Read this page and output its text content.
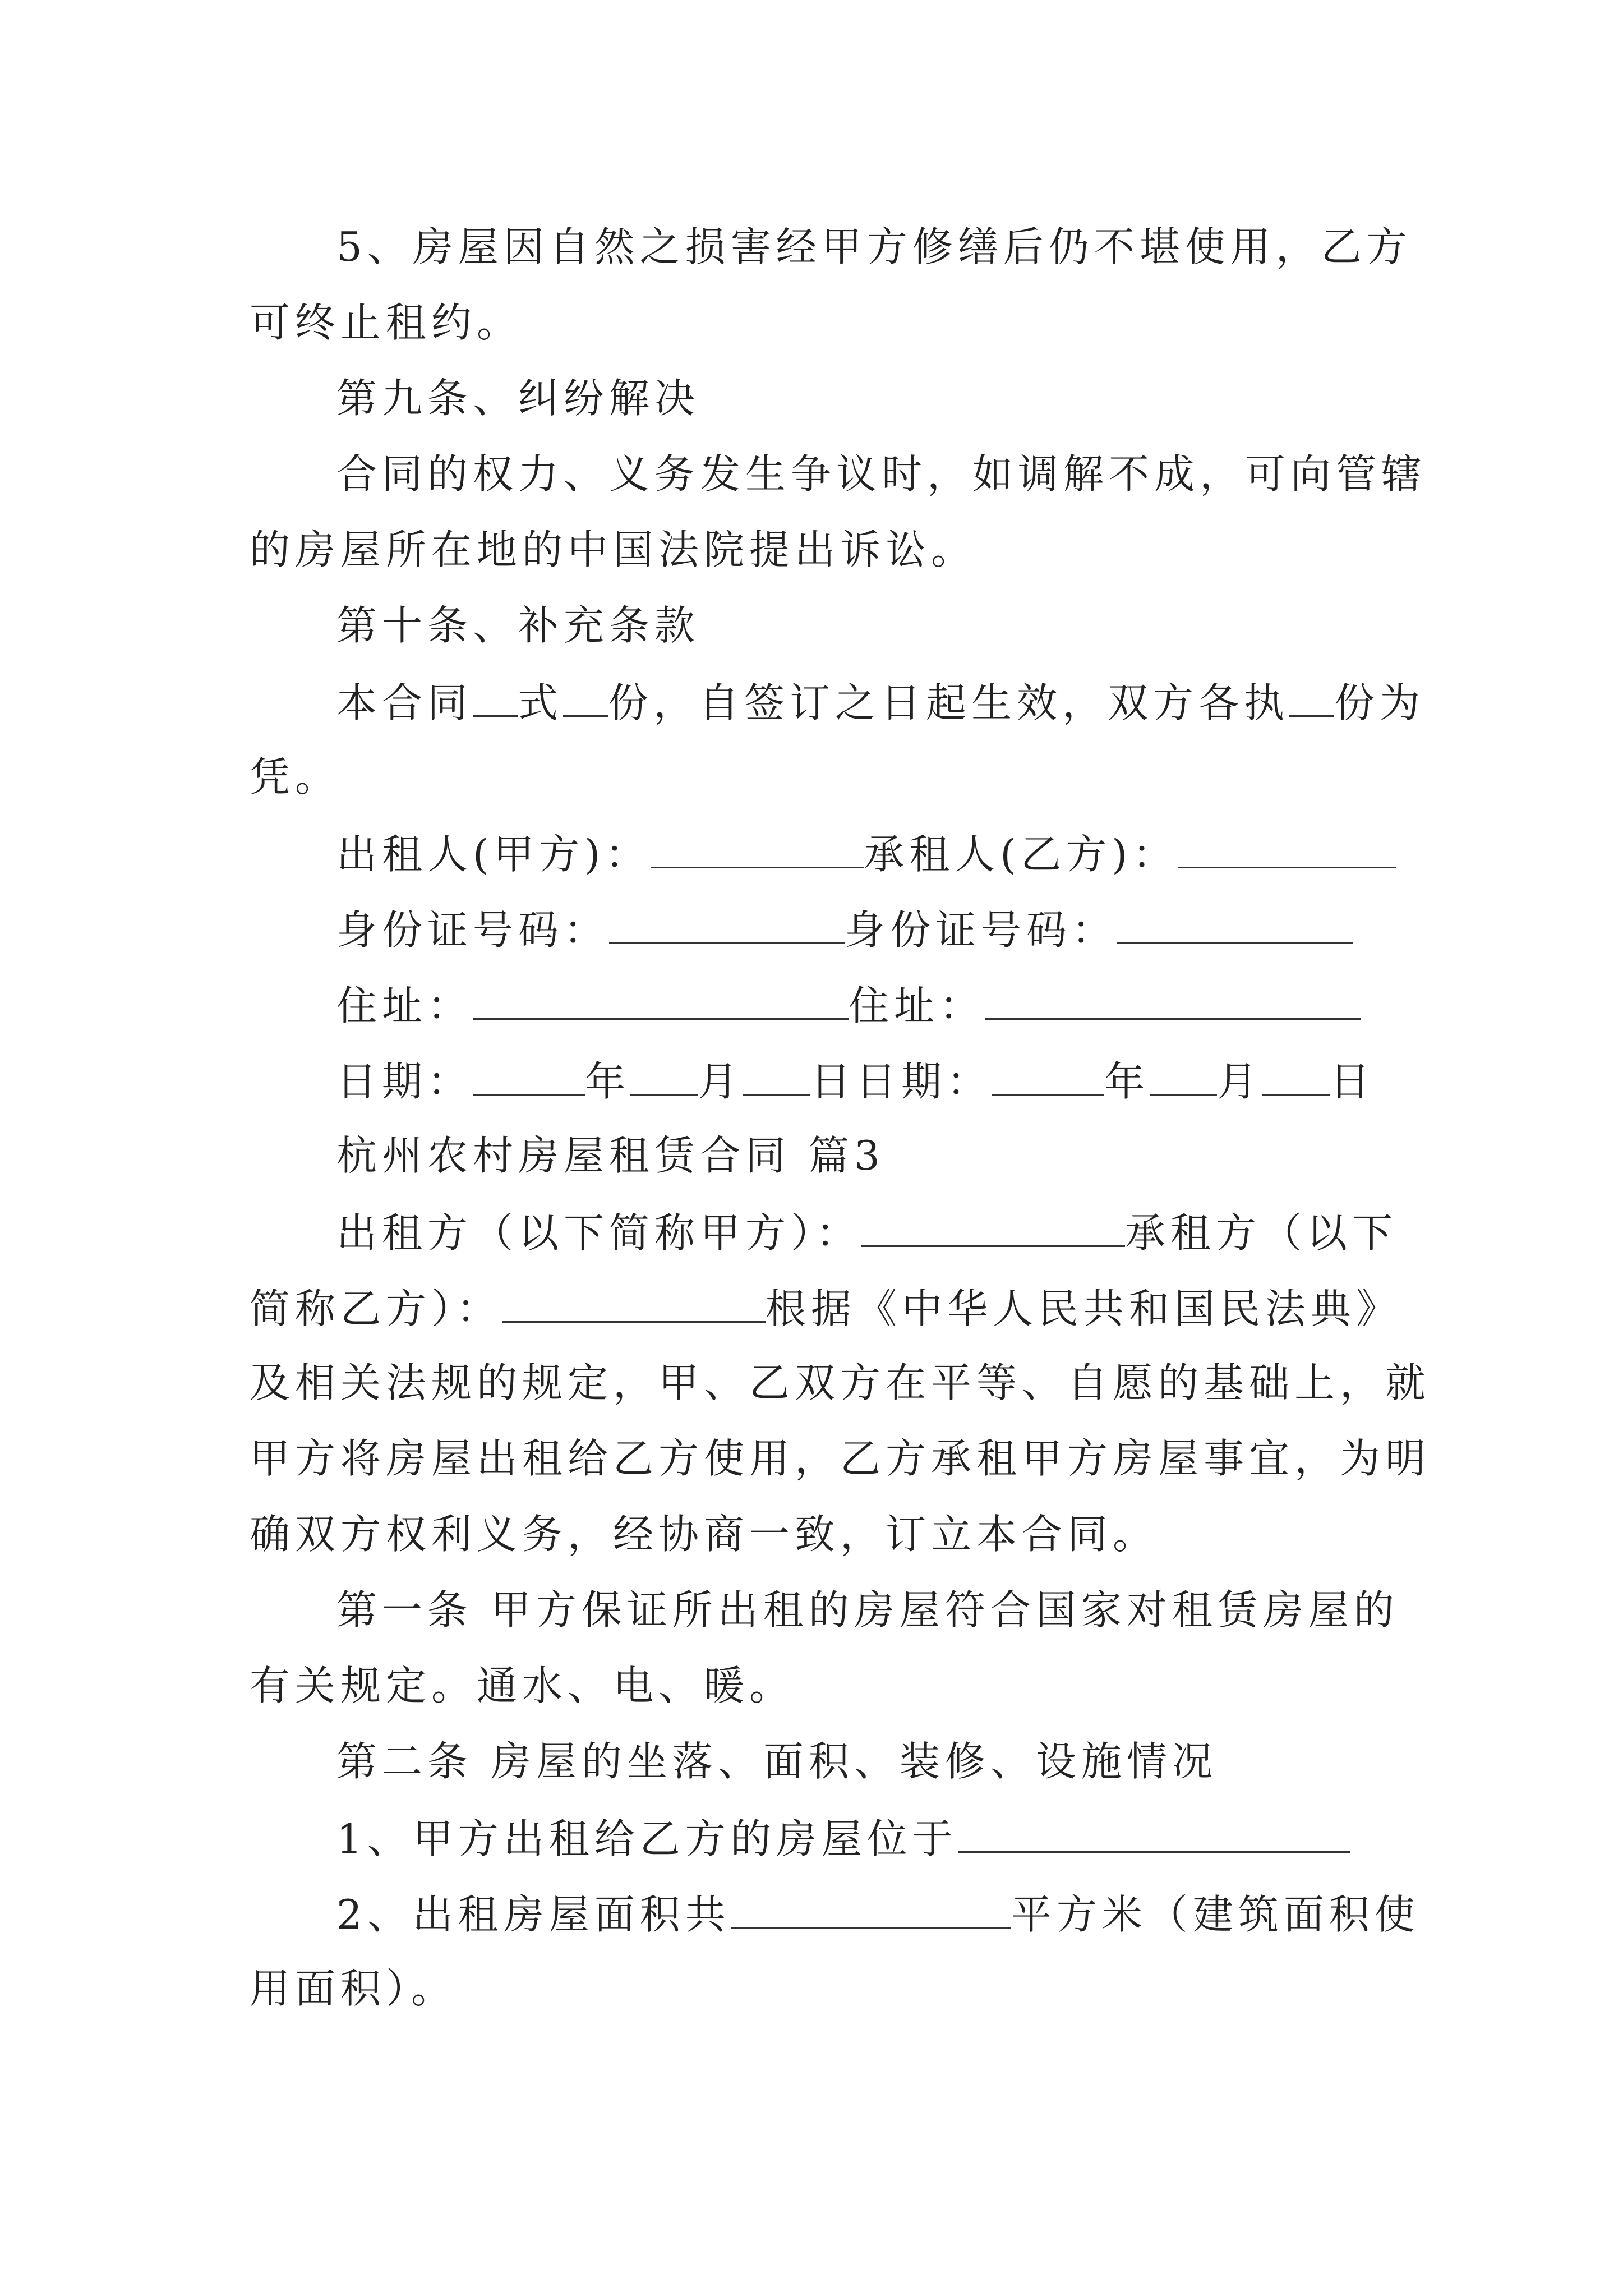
5、房屋因自然之损害经甲方修缮后仍不堪使用，乙方
可终止租约。
第九条、纠纷解决
合同的权力、义务发生争议时，如调解不成，可向管辖
的房屋所在地的中国法院提出诉讼。
第十条、补充条款
本合同 式 份，自签订之日起生效，双方各执 份为
凭。
出租人(甲方)：	承租人(乙方)：
身份证号码：	身份证号码：
住址：	住址：
日期：	年 月 日日期：	年 月 日
杭州农村房屋租赁合同 篇3
出租方（以下简称甲方）：	承租方（以下
简称乙方）：	根据《中华人民共和国民法典》
及相关法规的规定，甲、乙双方在平等、自愿的基础上，就
甲方将房屋出租给乙方使用，乙方承租甲方房屋事宜，为明
确双方权利义务，经协商一致，订立本合同。
第一条 甲方保证所出租的房屋符合国家对租赁房屋的
有关规定。通水、电、暖。
第二条 房屋的坐落、面积、装修、设施情况
1、甲方出租给乙方的房屋位于
2、出租房屋面积共	平方米（建筑面积使
用面积）。
